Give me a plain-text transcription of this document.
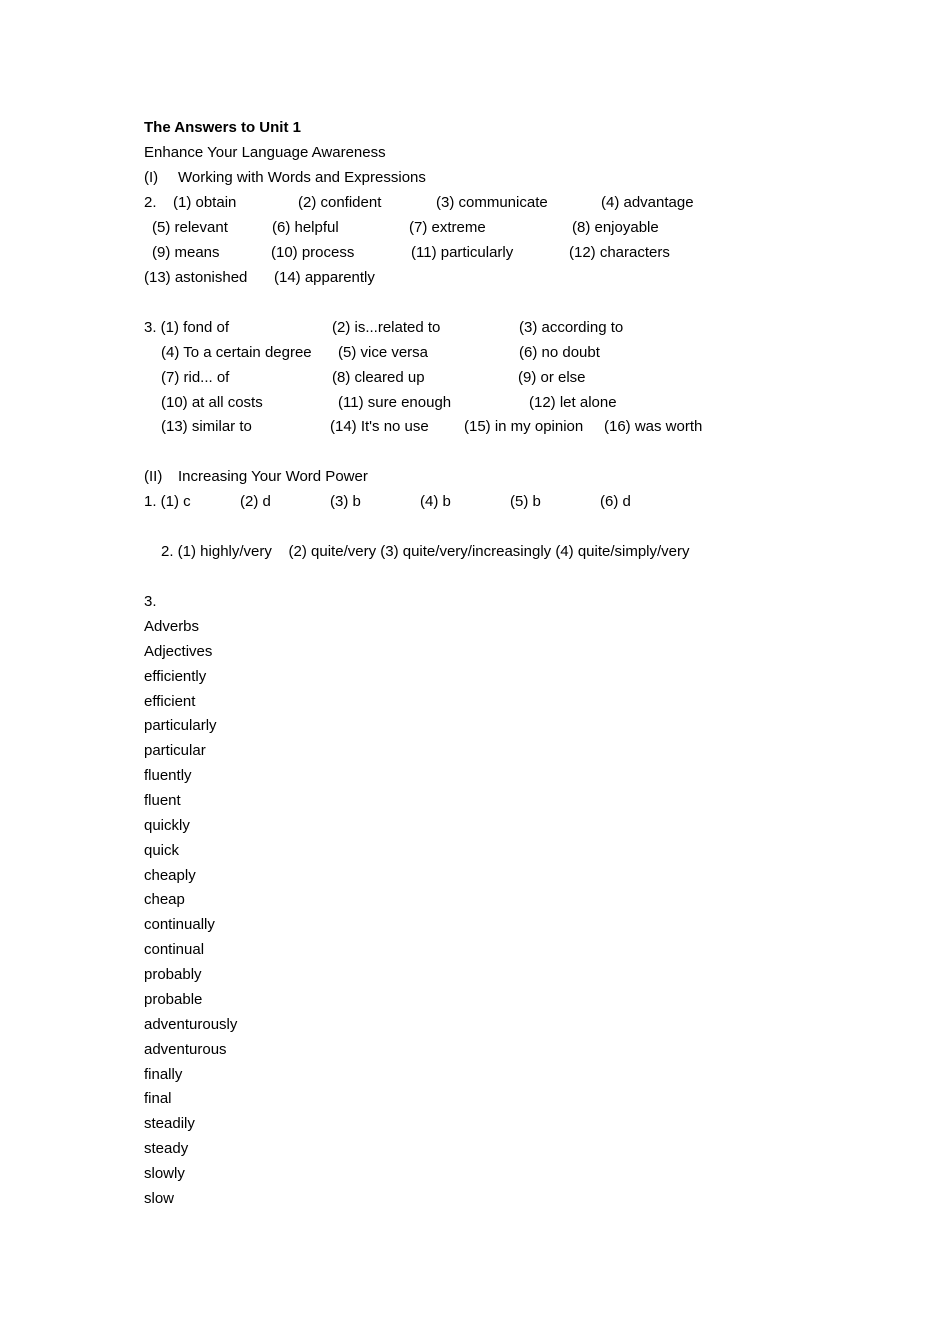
The Answers to Unit 1
Enhance Your Language Awareness
(I) Working with Words and Expressions
2. (1) obtain	(2) confident	(3) communicate	(4) advantage
(5) relevant	(6) helpful	(7) extreme	(8) enjoyable
(9) means	(10) process	(11) particularly	(12) characters
(13) astonished (14) apparently
3. (1) fond of	(2) is...related to	(3) according to
(4) To a certain degree (5) vice versa	(6) no doubt
(7) rid... of	(8) cleared up	(9) or else
(10) at all costs	(11) sure enough	(12) let alone
(13) similar to	(14) It's no use (15) in my opinion (16) was worth
(II) Increasing Your Word Power
1. (1) c	(2) d	(3) b	(4) b	(5) b	(6) d
2. (1) highly/very    (2) quite/very (3) quite/very/increasingly (4) quite/simply/very
3.
Adverbs
Adjectives
efficiently
efficient
particularly
particular
fluently
fluent
quickly
quick
cheaply
cheap
continually
continual
probably
probable
adventurously
adventurous
finally
final
steadily
steady
slowly
slow
